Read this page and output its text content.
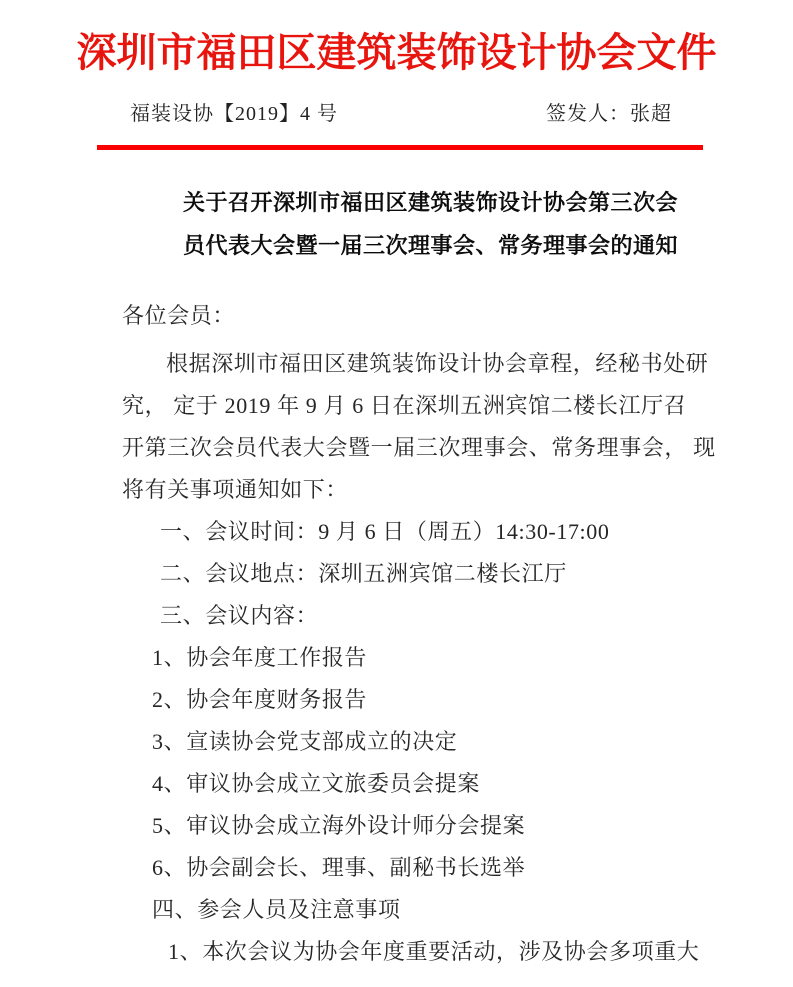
深圳市福田区建筑装饰设计协会文件
福装设协【2019】4 号	签发人：张超
关于召开深圳市福田区建筑装饰设计协会第三次会
员代表大会暨一届三次理事会、常务理事会的通知
各位会员：
根据深圳市福田区建筑装饰设计协会章程，经秘书处研
究， 定于 2019 年 9 月 6 日在深圳五洲宾馆二楼长江厅召
开第三次会员代表大会暨一届三次理事会、常务理事会， 现
将有关事项通知如下：
一、会议时间：9 月 6 日（周五）14:30-17:00
二、会议地点：深圳五洲宾馆二楼长江厅
三、会议内容：
1、协会年度工作报告
2、协会年度财务报告
3、宣读协会党支部成立的决定
4、审议协会成立文旅委员会提案
5、审议协会成立海外设计师分会提案
6、协会副会长、理事、副秘书长选举
四、参会人员及注意事项
1、本次会议为协会年度重要活动，涉及协会多项重大
